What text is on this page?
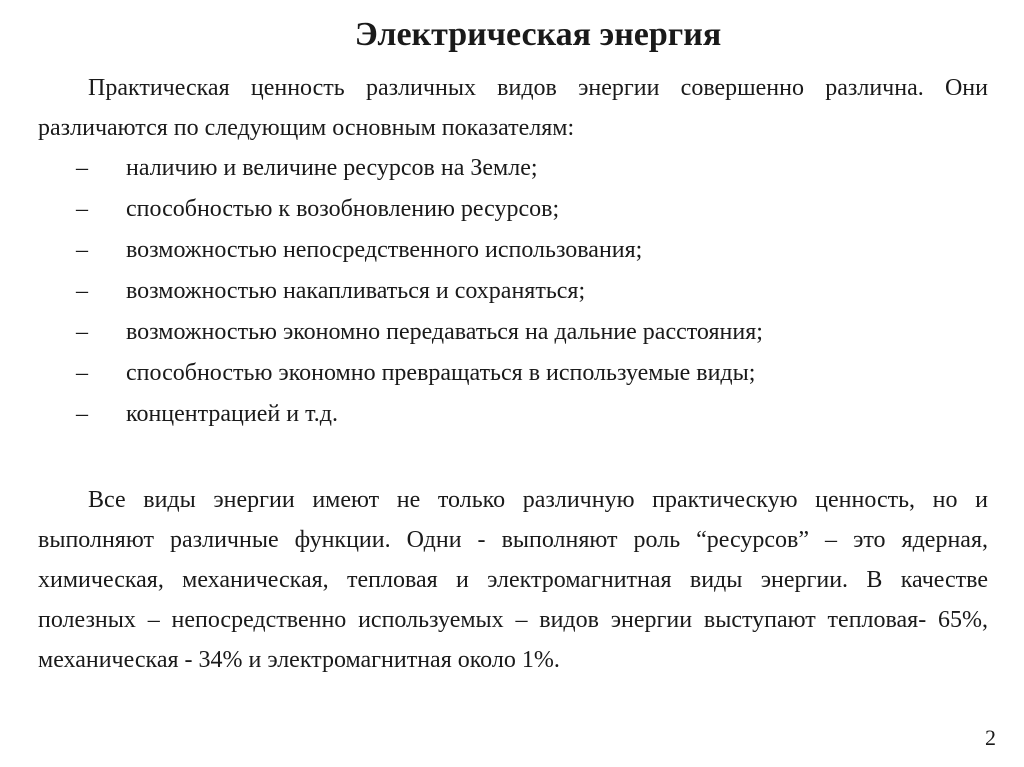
Электрическая энергия

Практическая ценность различных видов энергии совершенно различна. Они различаются по следующим основным показателям:

– наличию и величине ресурсов на Земле;
– способностью к возобновлению ресурсов;
– возможностью непосредственного использования;
– возможностью накапливаться и сохраняться;
– возможностью экономно передаваться на дальние расстояния;
– способностью экономно превращаться в используемые виды;
– концентрацией и т.д.

Все виды энергии имеют не только различную практическую ценность, но и выполняют различные функции. Одни - выполняют роль “ресурсов” – это ядерная, химическая, механическая, тепловая и электромагнитная виды энергии. В качестве полезных – непосредственно используемых – видов энергии выступают тепловая- 65%, механическая - 34% и электромагнитная около 1%.

2
